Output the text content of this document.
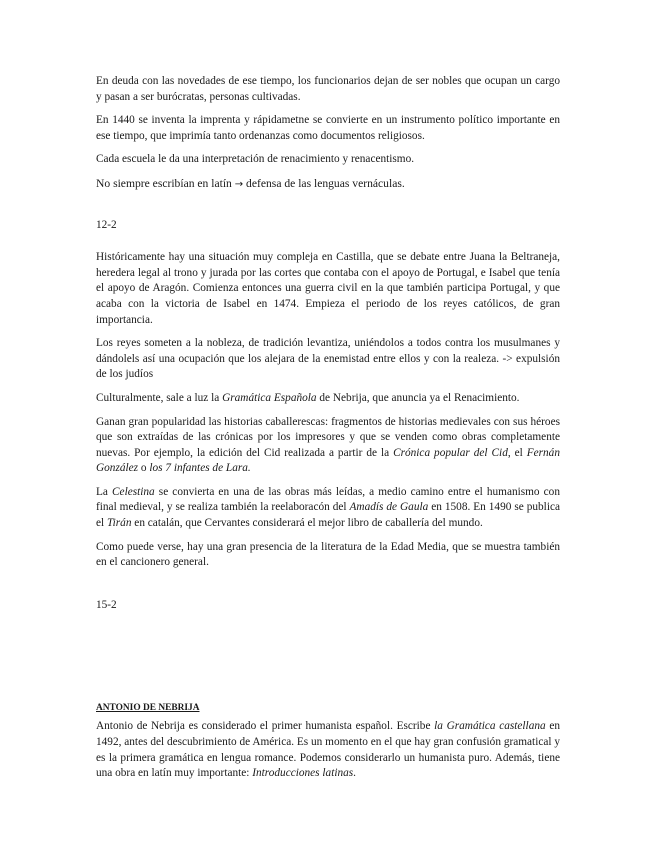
En deuda con las novedades de ese tiempo, los funcionarios dejan de ser nobles que ocupan un cargo y pasan a ser burócratas, personas cultivadas.

En 1440 se inventa la imprenta y rápidametne se convierte en un instrumento político importante en ese tiempo, que imprimía tanto ordenanzas como documentos religiosos.

Cada escuela le da una interpretación de renacimiento y renacentismo.

No siempre escribían en latín → defensa de las lenguas vernáculas.

12-2

Históricamente hay una situación muy compleja en Castilla, que se debate entre Juana la Beltraneja, heredera legal al trono y jurada por las cortes que contaba con el apoyo de Portugal, e Isabel que tenía el apoyo de Aragón. Comienza entonces una guerra civil en la que también participa Portugal, y que acaba con la victoria de Isabel en 1474. Empieza el periodo de los reyes católicos, de gran importancia.

Los reyes someten a la nobleza, de tradición levantiza, uniéndolos a todos contra los musulmanes y dándolels así una ocupación que los alejara de la enemistad entre ellos y con la realeza. -> expulsión de los judíos

Culturalmente, sale a luz la Gramática Española de Nebrija, que anuncia ya el Renacimiento.

Ganan gran popularidad las historias caballerescas: fragmentos de historias medievales con sus héroes que son extraídas de las crónicas por los impresores y que se venden como obras completamente nuevas. Por ejemplo, la edición del Cid realizada a partir de la Crónica popular del Cid, el Fernán González o los 7 infantes de Lara.

La Celestina se convierta en una de las obras más leídas, a medio camino entre el humanismo con final medieval, y se realiza también la reelaboracón del Amadís de Gaula en 1508. En 1490 se publica el Tirán en catalán, que Cervantes considerará el mejor libro de caballería del mundo.

Como puede verse, hay una gran presencia de la literatura de la Edad Media, que se muestra también en el cancionero general.

15-2

ANTONIO DE NEBRIJA

Antonio de Nebrija es considerado el primer humanista español. Escribe la Gramática castellana en 1492, antes del descubrimiento de América. Es un momento en el que hay gran confusión gramatical y es la primera gramática en lengua romance. Podemos considerarlo un humanista puro. Además, tiene una obra en latín muy importante: Introducciones latinas.
